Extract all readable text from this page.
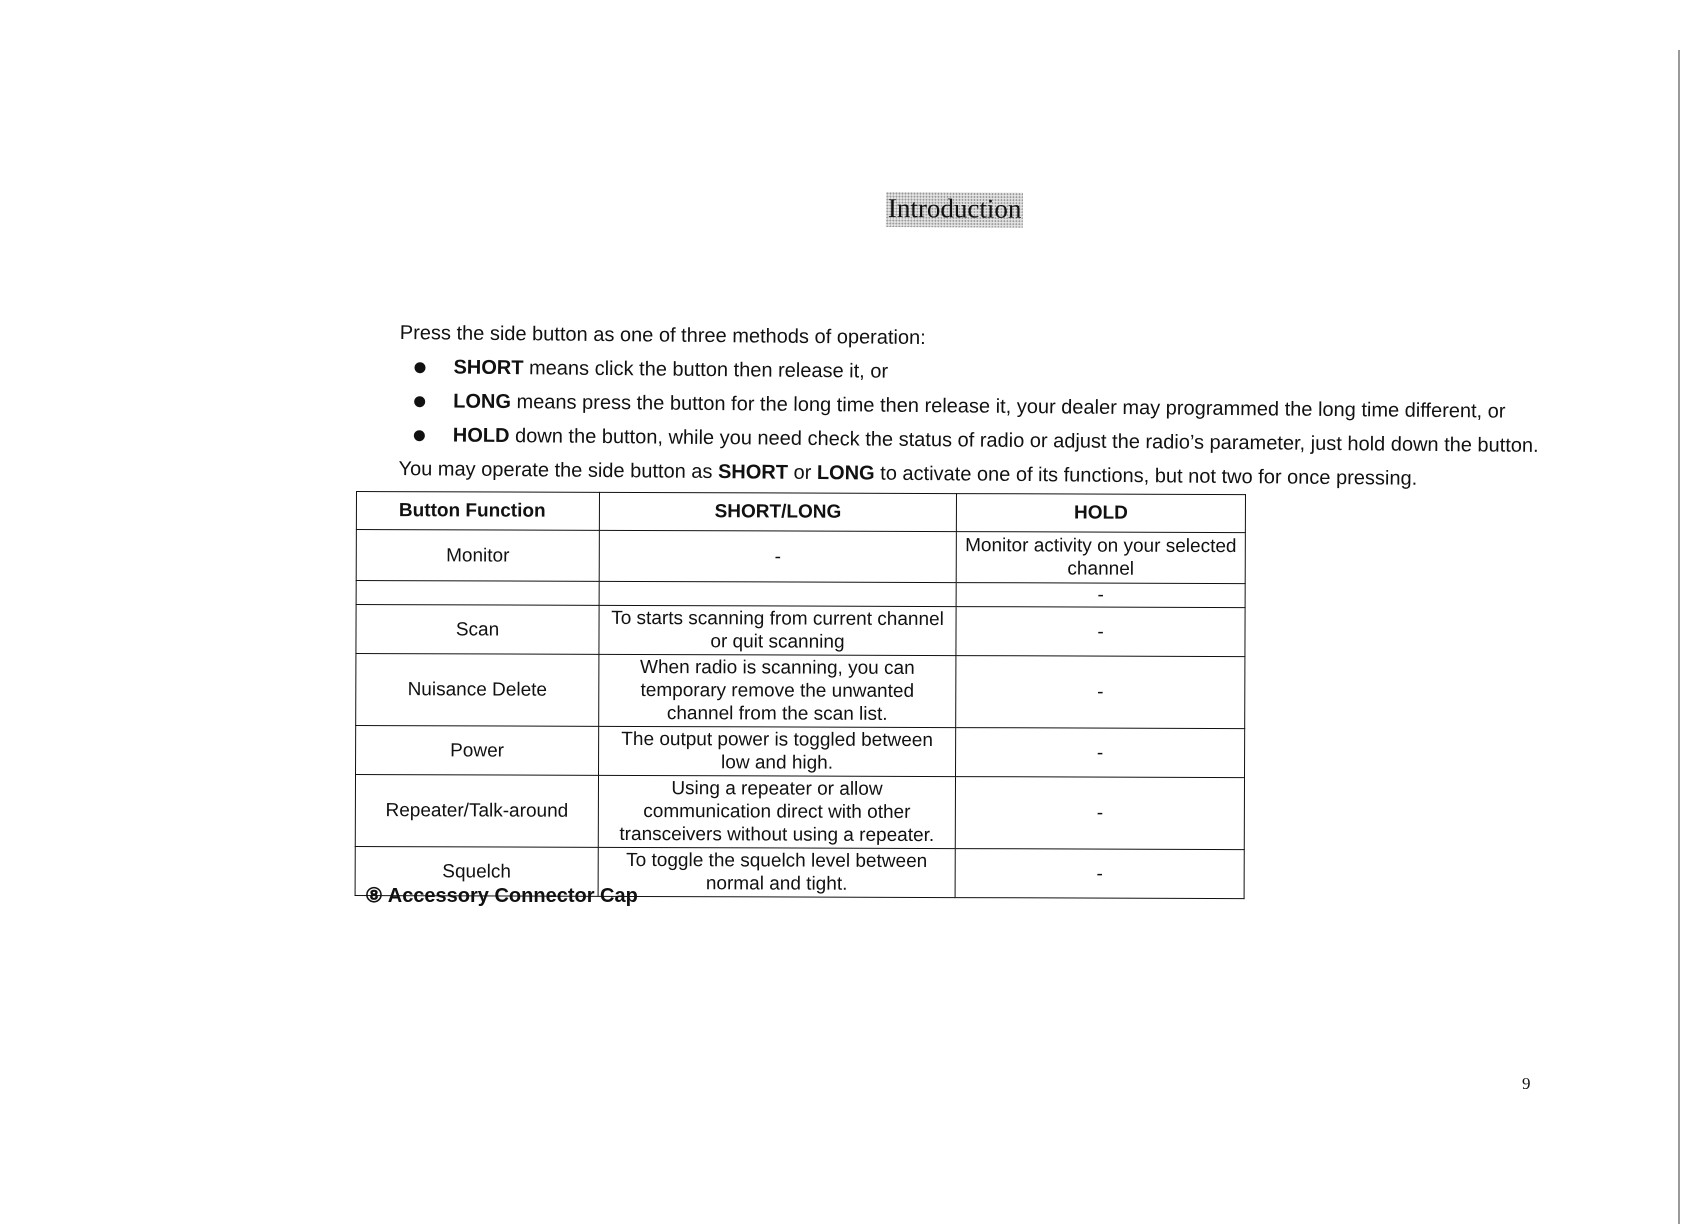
Introduction

Press the side button as one of three methods of operation:

SHORT means click the button then release it, or
LONG means press the button for the long time then release it, your dealer may programmed the long time different, or
HOLD down the button, while you need check the status of radio or adjust the radio’s parameter, just hold down the button.

You may operate the side button as SHORT or LONG to activate one of its functions, but not two for once pressing.

Button Function	SHORT/LONG	HOLD
Monitor	-	Monitor activity on your selected channel
		-
Scan	To starts scanning from current channel or quit scanning	-
Nuisance Delete	When radio is scanning, you can temporary remove the unwanted channel from the scan list.	-
Power	The output power is toggled between low and high.	-
Repeater/Talk-around	Using a repeater or allow communication direct with other transceivers without using a repeater.	-
Squelch	To toggle the squelch level between normal and tight.	-
⑧ Accessory Connector Cap
9
